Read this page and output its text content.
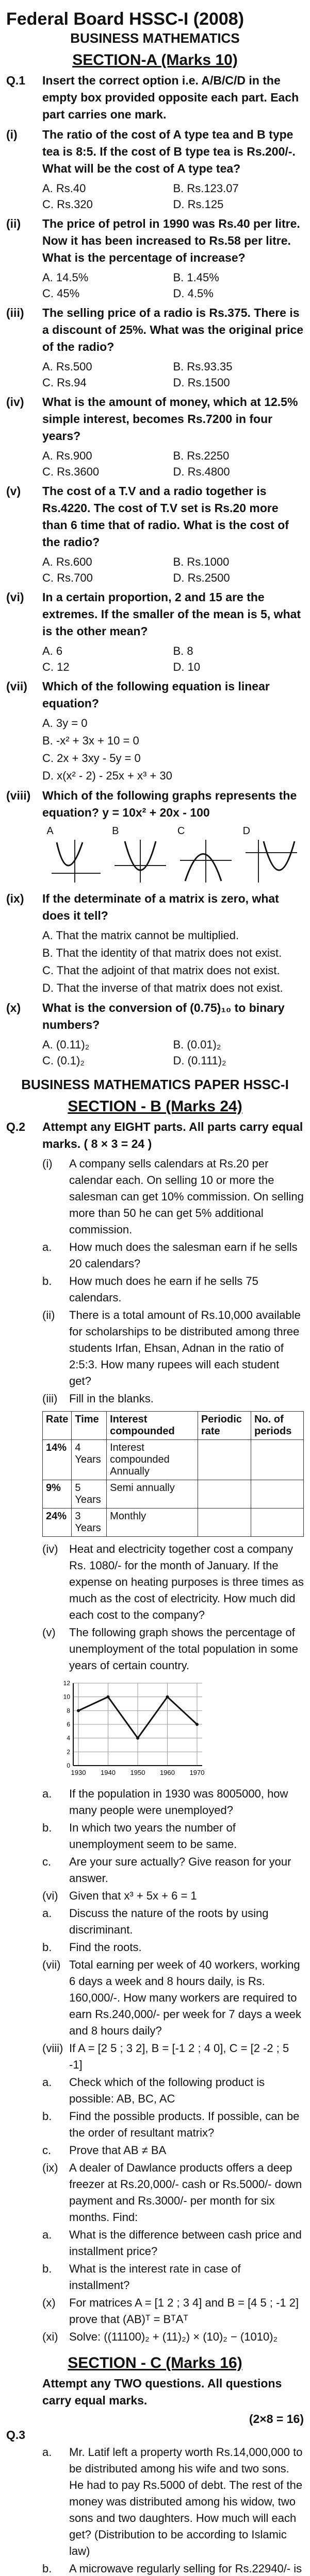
Federal Board HSSC-I (2008)
BUSINESS MATHEMATICS
SECTION-A (Marks 10)
Q.1	Insert the correct option i.e. A/B/C/D in the empty box provided opposite each part. Each part carries one mark.
(i)	The ratio of the cost of A type tea and B type tea is 8:5. If the cost of B type tea is Rs.200/-. What will be the cost of A type tea?
A. Rs.40	B. Rs.123.07
C. Rs.320	D. Rs.125
(ii)	The price of petrol in 1990 was Rs.40 per litre. Now it has been increased to Rs.58 per litre. What is the percentage of increase?
A. 14.5%	B. 1.45%
C. 45%	D. 4.5%
(iii)	The selling price of a radio is Rs.375. There is a discount of 25%. What was the original price of the radio?
A. Rs.500	B. Rs.93.35
C. Rs.94	D. Rs.1500
(iv)	What is the amount of money, which at 12.5% simple interest, becomes Rs.7200 in four years?
A. Rs.900	B. Rs.2250
C. Rs.3600	D. Rs.4800
(v)	The cost of a T.V and a radio together is Rs.4220. The cost of T.V set is Rs.20 more than 6 time that of radio. What is the cost of the radio?
A. Rs.600	B. Rs.1000
C. Rs.700	D. Rs.2500
(vi)	In a certain proportion, 2 and 15 are the extremes. If the smaller of the mean is 5, what is the other mean?
A. 6	B. 8
C. 12	D. 10
(vii)	Which of the following equation is linear equation?
A. 3y = 0
B. -x² + 3x + 10 = 0
C. 2x + 3xy - 5y = 0
D. x(x² - 2) - 25x + x³ + 30
(viii) Which of the following graphs represents the equation? y = 10x² + 20x - 100
A	B	C	D
(ix)	If the determinate of a matrix is zero, what does it tell?
A. That the matrix cannot be multiplied.
B. That the identity of that matrix does not exist.
C. That the adjoint of that matrix does not exist.
D. That the inverse of that matrix does not exist.
(x)	What is the conversion of (0.75)₁₀ to binary numbers?
A. (0.11)₂	B. (0.01)₂
C. (0.1)₂	D. (0.111)₂
BUSINESS MATHEMATICS PAPER HSSC-I
SECTION - B (Marks 24)
Q.2	Attempt any EIGHT parts. All parts carry equal marks. ( 8 × 3 = 24 )
(i)	A company sells calendars at Rs.20 per calendar each. On selling 10 or more the salesman can get 10% commission. On selling more than 50 he can get 5% additional commission.
a.	How much does the salesman earn if he sells 20 calendars?
b.	How much does he earn if he sells 75 calendars.
(ii)	There is a total amount of Rs.10,000 available for scholarships to be distributed among three students Irfan, Ehsan, Adnan in the ratio of 2:5:3. How many rupees will each student get?
(iii)	Fill in the blanks.
Rate	Time	Interest compounded	Periodic rate	No. of periods
14%	4 Years	Interest compounded Annually		
9%	5 Years	Semi annually		
24%	3 Years	Monthly		
(iv) Heat and electricity together cost a company Rs. 1080/- for the month of January. If the expense on heating purposes is three times as much as the cost of electricity. How much did each cost to the company?
(v)	The following graph shows the percentage of unemployment of the total population in some years of certain country.
1930 1940 1950 1960 1970
0
2
4
6
8
10
12
a.	If the population in 1930 was 8005000, how many people were unemployed?
b.	In which two years the number of unemployment seem to be same.
c.	Are your sure actually? Give reason for your answer.
(vi) Given that x³ + 5x + 6 = 1
a.	Discuss the nature of the roots by using discriminant.
b.	Find the roots.
(vii) Total earning per week of 40 workers, working 6 days a week and 8 hours daily, is Rs. 160,000/-. How many workers are required to earn Rs.240,000/- per week for 7 days a week and 8 hours daily?
(viii) If A = [2 5 ; 3 2], B = [-1 2 ; 4 0], C = [2 -2 ; 5 -1]
a.	Check which of the following product is possible: AB, BC, AC
b.	Find the possible products. If possible, can be the order of resultant matrix?
c.	Prove that AB ≠ BA
(ix) A dealer of Dawlance products offers a deep freezer at Rs.20,000/- cash or Rs.5000/- down payment and Rs.3000/- per month for six months. Find:
a.	What is the difference between cash price and installment price?
b.	What is the interest rate in case of installment?
(x)	For matrices A = [1 2 ; 3 4] and B = [4 5 ; -1 2] prove that (AB)ᵀ = BᵀAᵀ
(xi) Solve: ((11100)₂ + (11)₂) × (10)₂ − (1010)₂
SECTION - C (Marks 16)
Attempt any TWO questions. All questions carry equal marks.
(2×8 = 16)
Q.3
a.	Mr. Latif left a property worth Rs.14,000,000 to be distributed among his wife and two sons. He had to pay Rs.5000 of debt. The rest of the money was distributed among his widow, two sons and two daughters. How much will each get? (Distribution to be according to Islamic law)
b.	A microwave regularly selling for Rs.22940/- is
